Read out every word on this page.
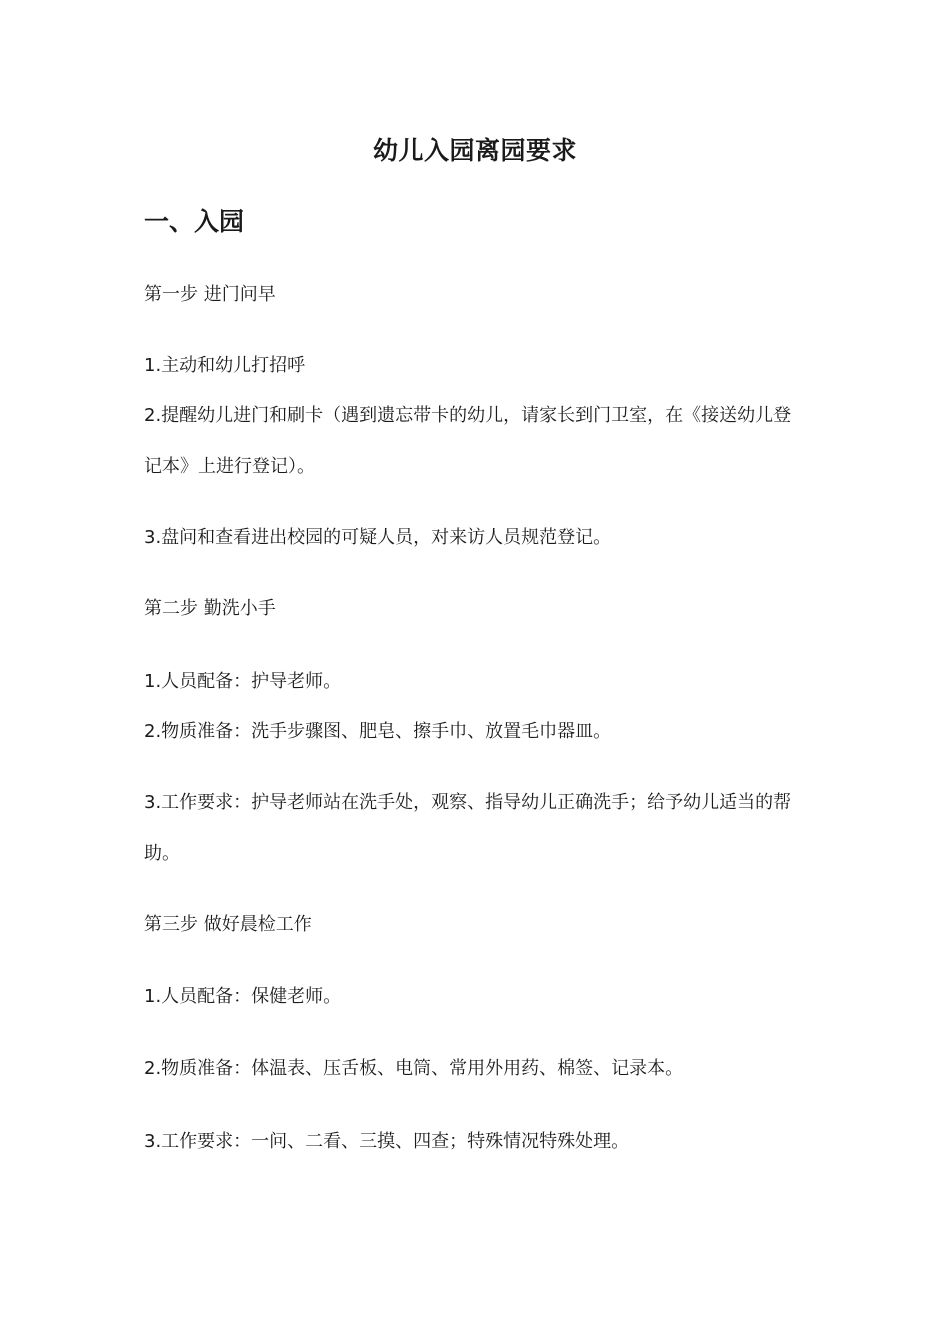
幼儿入园离园要求
一、入园
第一步 进门问早
1.主动和幼儿打招呼
2.提醒幼儿进门和刷卡（遇到遗忘带卡的幼儿，请家长到门卫室，在《接送幼儿登
记本》上进行登记）。
3.盘问和查看进出校园的可疑人员，对来访人员规范登记。
第二步 勤洗小手
1.人员配备：护导老师。
2.物质准备：洗手步骤图、肥皂、擦手巾、放置毛巾器皿。
3.工作要求：护导老师站在洗手处，观察、指导幼儿正确洗手；给予幼儿适当的帮
助。
第三步 做好晨检工作
1.人员配备：保健老师。
2.物质准备：体温表、压舌板、电筒、常用外用药、棉签、记录本。
3.工作要求：一问、二看、三摸、四查；特殊情况特殊处理。
